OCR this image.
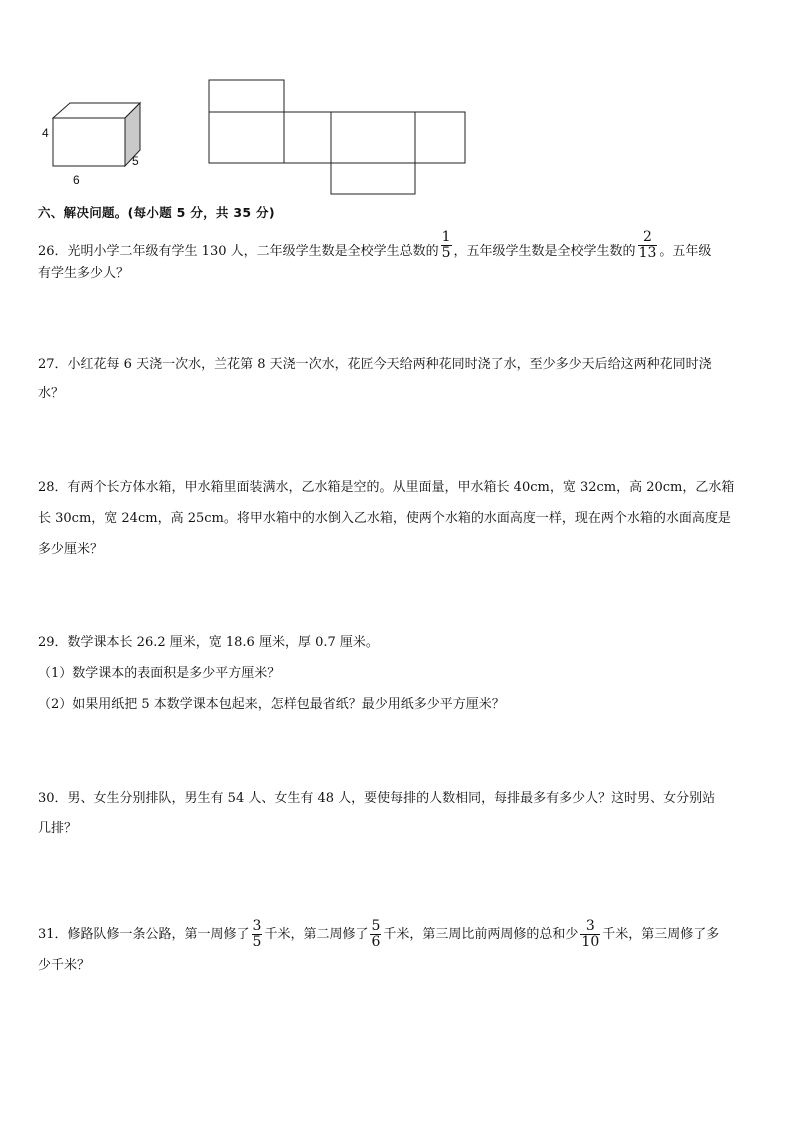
4
5
6
六、解决问题。(每小题 5 分，共 35 分)
26．光明小学二年级有学生 130 人，二年级学生数是全校学生总数的 $\frac{1}{5}$ ，五年级学生数是全校学生数的 $\frac{2}{13}$ 。五年级
有学生多少人？
27．小红花每 6 天浇一次水，兰花第 8 天浇一次水，花匠今天给两种花同时浇了水，至少多少天后给这两种花同时浇
水？
28．有两个长方体水箱，甲水箱里面装满水，乙水箱是空的。从里面量，甲水箱长 40cm，宽 32cm，高 20cm，乙水箱
长 30cm，宽 24cm，高 25cm。将甲水箱中的水倒入乙水箱，使两个水箱的水面高度一样，现在两个水箱的水面高度是
多少厘米？
29．数学课本长 26.2 厘米，宽 18.6 厘米，厚 0.7 厘米。
（1）数学课本的表面积是多少平方厘米？
（2）如果用纸把 5 本数学课本包起来，怎样包最省纸？最少用纸多少平方厘米？
30．男、女生分别排队，男生有 54 人、女生有 48 人，要使每排的人数相同，每排最多有多少人？这时男、女分别站
几排？
31．修路队修一条公路，第一周修了 $\frac{3}{5}$ 千米，第二周修了 $\frac{5}{6}$ 千米，第三周比前两周修的总和少 $\frac{3}{10}$ 千米，第三周修了多
少千米？
